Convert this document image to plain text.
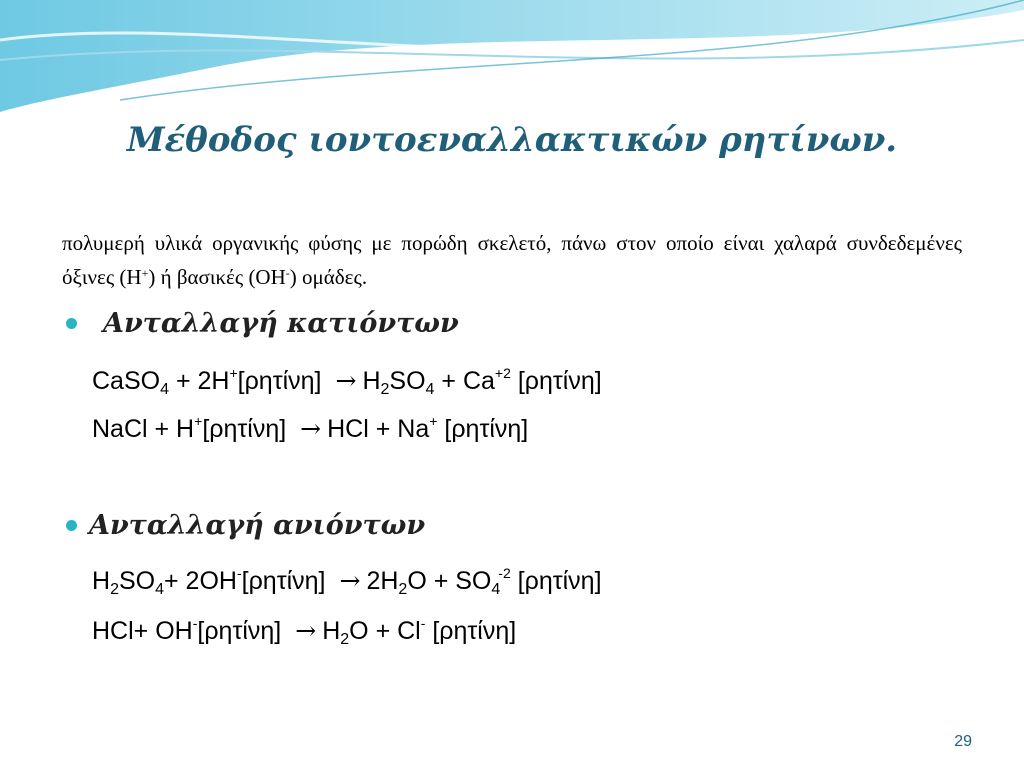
Μέθοδος ιοντοεναλλακτικών ρητίνων.
πολυμερή υλικά οργανικής φύσης με πορώδη σκελετό, πάνω στον οποίο είναι χαλαρά συνδεδεμένες όξινες (Η+) ή βασικές (ΟΗ-) ομάδες.
Ανταλλαγή κατιόντων
CaSO$_4$ + $2H^+[\rho\eta\tau ί\nu\eta] \to H_2SO_4 + Ca^{+2}$ [ρητίνη]
NaCl + H+[ρητίνη] → HCl + Na+ [ρητίνη]
Ανταλλαγή ανιόντων
$H_2SO_4+ 2OH^-[\rho\eta\tau ί\nu\eta] \to 2H_2O + SO_4^{-2}$ [ρητίνη]
$HCl+ OH^-[\rho\eta\tau ί\nu\eta] \to H_2O + Cl^-$ [ρητίνη]
29
